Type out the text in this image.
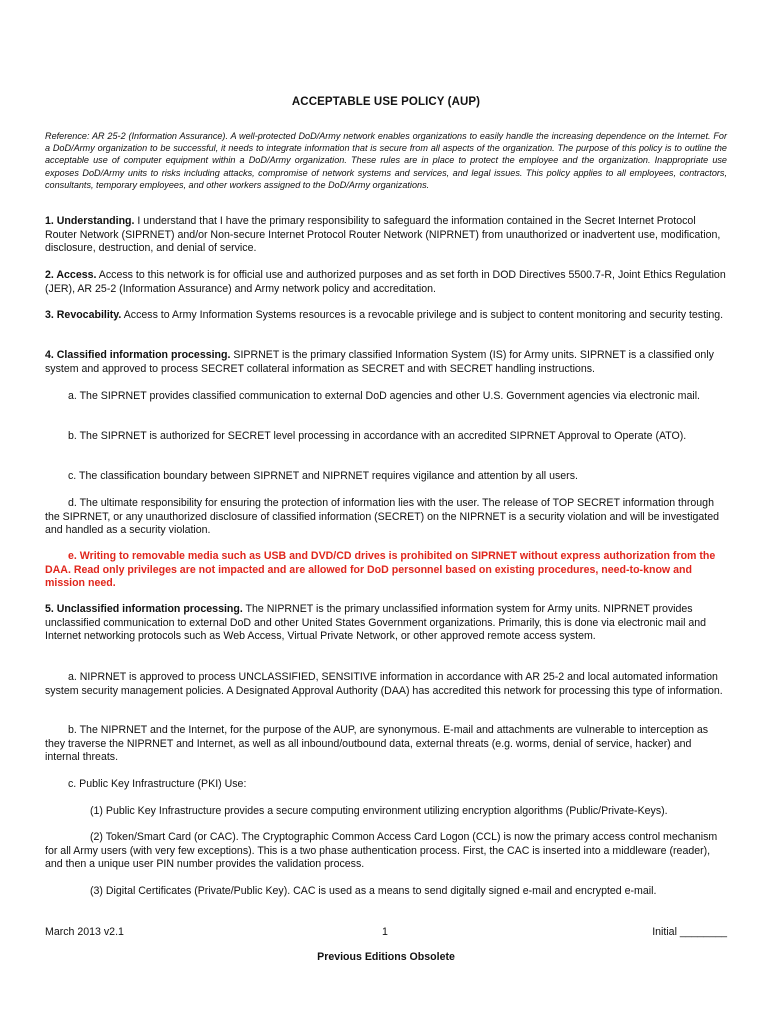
ACCEPTABLE USE POLICY (AUP)
Reference: AR 25-2 (Information Assurance). A well-protected DoD/Army network enables organizations to easily handle the increasing dependence on the Internet. For a DoD/Army organization to be successful, it needs to integrate information that is secure from all aspects of the organization. The purpose of this policy is to outline the acceptable use of computer equipment within a DoD/Army organization. These rules are in place to protect the employee and the organization. Inappropriate use exposes DoD/Army units to risks including attacks, compromise of network systems and services, and legal issues. This policy applies to all employees, contractors, consultants, temporary employees, and other workers assigned to the DoD/Army organizations.
1. Understanding. I understand that I have the primary responsibility to safeguard the information contained in the Secret Internet Protocol Router Network (SIPRNET) and/or Non-secure Internet Protocol Router Network (NIPRNET) from unauthorized or inadvertent use, modification, disclosure, destruction, and denial of service.
2. Access. Access to this network is for official use and authorized purposes and as set forth in DOD Directives 5500.7-R, Joint Ethics Regulation (JER), AR 25-2 (Information Assurance) and Army network policy and accreditation.
3. Revocability. Access to Army Information Systems resources is a revocable privilege and is subject to content monitoring and security testing.
4. Classified information processing. SIPRNET is the primary classified Information System (IS) for Army units. SIPRNET is a classified only system and approved to process SECRET collateral information as SECRET and with SECRET handling instructions.
a. The SIPRNET provides classified communication to external DoD agencies and other U.S. Government agencies via electronic mail.
b. The SIPRNET is authorized for SECRET level processing in accordance with an accredited SIPRNET Approval to Operate (ATO).
c. The classification boundary between SIPRNET and NIPRNET requires vigilance and attention by all users.
d. The ultimate responsibility for ensuring the protection of information lies with the user. The release of TOP SECRET information through the SIPRNET, or any unauthorized disclosure of classified information (SECRET) on the NIPRNET is a security violation and will be investigated and handled as a security violation.
e. Writing to removable media such as USB and DVD/CD drives is prohibited on SIPRNET without express authorization from the DAA. Read only privileges are not impacted and are allowed for DoD personnel based on existing procedures, need-to-know and mission need.
5. Unclassified information processing. The NIPRNET is the primary unclassified information system for Army units. NIPRNET provides unclassified communication to external DoD and other United States Government organizations. Primarily, this is done via electronic mail and Internet networking protocols such as Web Access, Virtual Private Network, or other approved remote access system.
a. NIPRNET is approved to process UNCLASSIFIED, SENSITIVE information in accordance with AR 25-2 and local automated information system security management policies. A Designated Approval Authority (DAA) has accredited this network for processing this type of information.
b. The NIPRNET and the Internet, for the purpose of the AUP, are synonymous. E-mail and attachments are vulnerable to interception as they traverse the NIPRNET and Internet, as well as all inbound/outbound data, external threats (e.g. worms, denial of service, hacker) and internal threats.
c. Public Key Infrastructure (PKI) Use:
(1) Public Key Infrastructure provides a secure computing environment utilizing encryption algorithms (Public/Private-Keys).
(2) Token/Smart Card (or CAC). The Cryptographic Common Access Card Logon (CCL) is now the primary access control mechanism for all Army users (with very few exceptions). This is a two phase authentication process. First, the CAC is inserted into a middleware (reader), and then a unique user PIN number provides the validation process.
(3) Digital Certificates (Private/Public Key). CAC is used as a means to send digitally signed e-mail and encrypted e-mail.
March 2013 v2.1	1	Initial ________
Previous Editions Obsolete
